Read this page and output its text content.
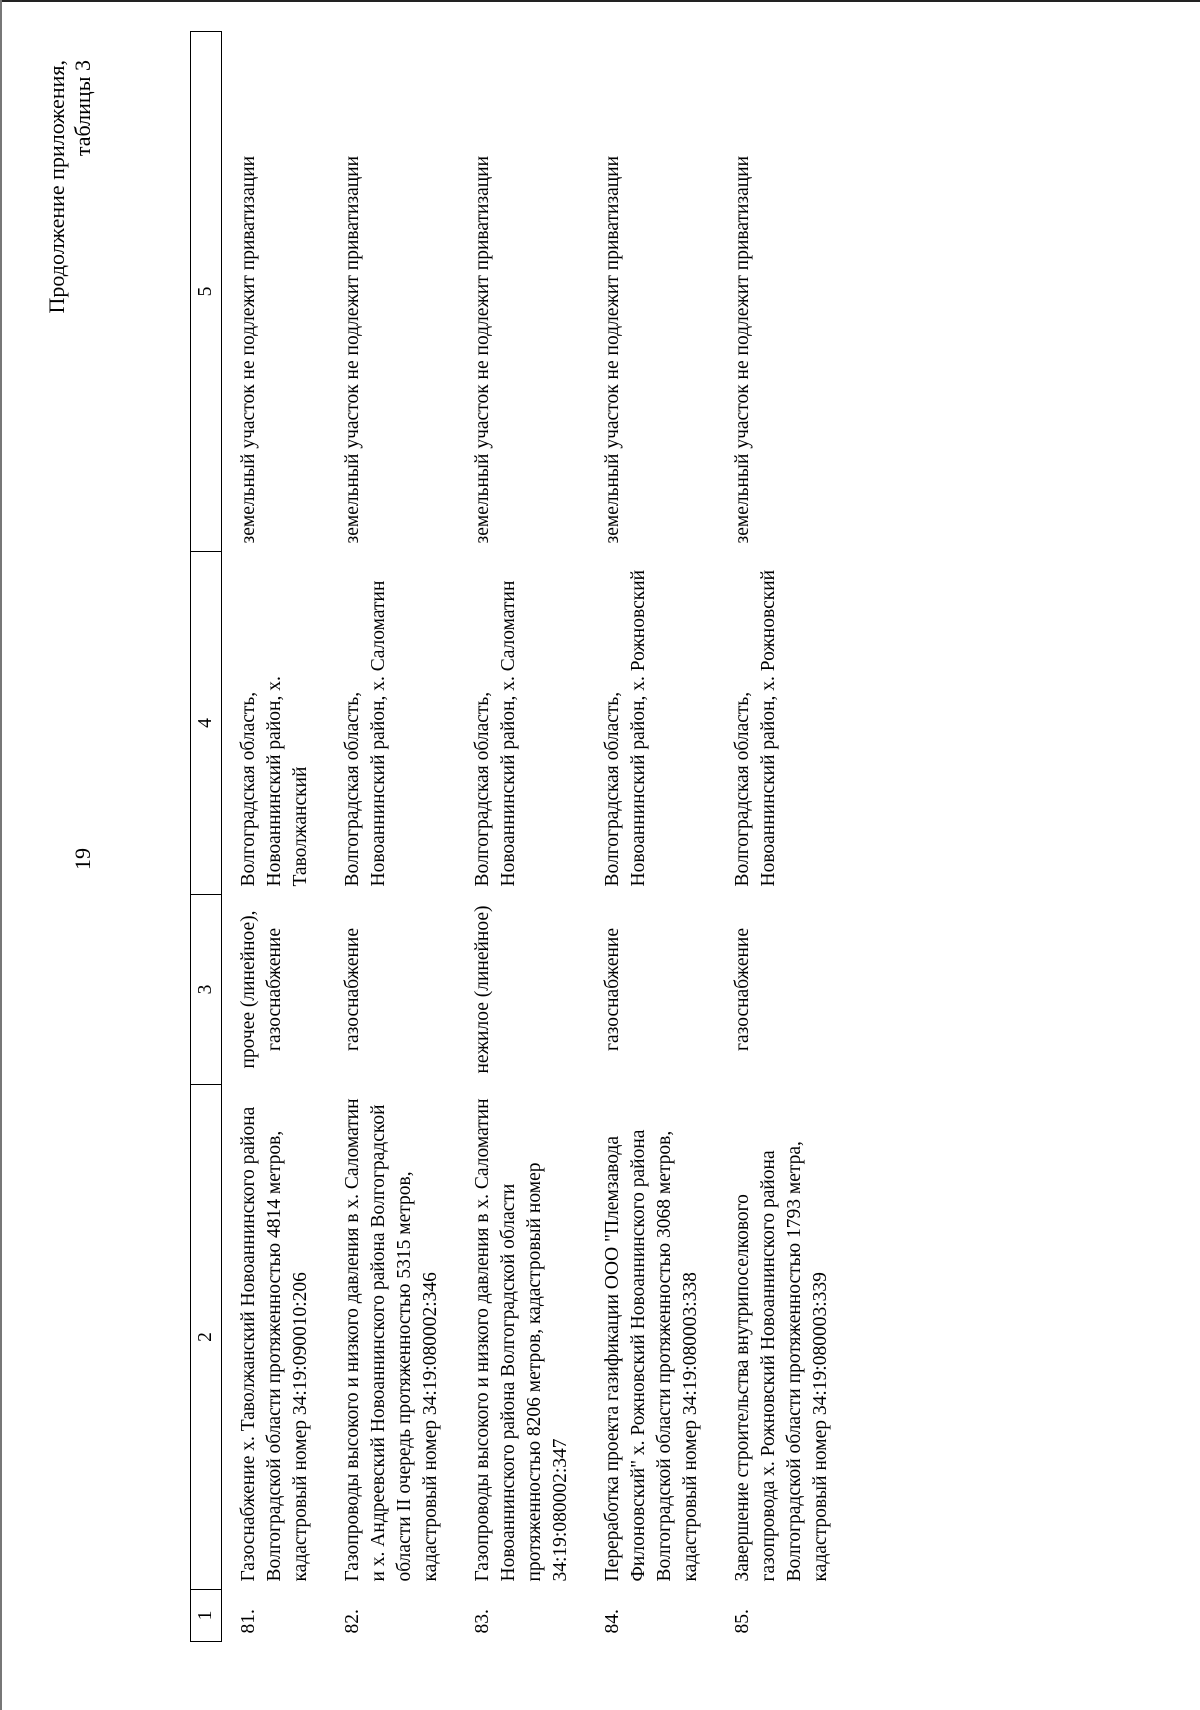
19
Продолжение приложения, таблицы 3
1	2	3	4	5
81.	Газоснабжение х. Таволжанский Новоаннинского района Волгоградской области протяженностью 4814 метров, кадастровый номер 34:19:090010:206	прочее (линейное), газоснабжение	Волгоградская область, Новоаннинский район, х. Таволжанский	земельный участок не подлежит приватизации
82.	Газопроводы высокого и низкого давления в х. Саломатин и х. Андреевский Новоаннинского района Волгоградской области II очередь протяженностью 5315 метров, кадастровый номер 34:19:080002:346	газоснабжение	Волгоградская область, Новоаннинский район, х. Саломатин	земельный участок не подлежит приватизации
83.	Газопроводы высокого и низкого давления в х. Саломатин Новоаннинского района Волгоградской области протяженностью 8206 метров, кадастровый номер 34:19:080002:347	нежилое (линейное)	Волгоградская область, Новоаннинский район, х. Саломатин	земельный участок не подлежит приватизации
84.	Переработка проекта газификации ООО "Племзавода Филоновский" х. Рожновский Новоаннинского района Волгоградской области протяженностью 3068 метров, кадастровый номер 34:19:080003:338	газоснабжение	Волгоградская область, Новоаннинский район, х. Рожновский	земельный участок не подлежит приватизации
85.	Завершение строительства внутрипоселкового газопровода х. Рожновский Новоаннинского района Волгоградской области протяженностью 1793 метра, кадастровый номер 34:19:080003:339	газоснабжение	Волгоградская область, Новоаннинский район, х. Рожновский	земельный участок не подлежит приватизации
